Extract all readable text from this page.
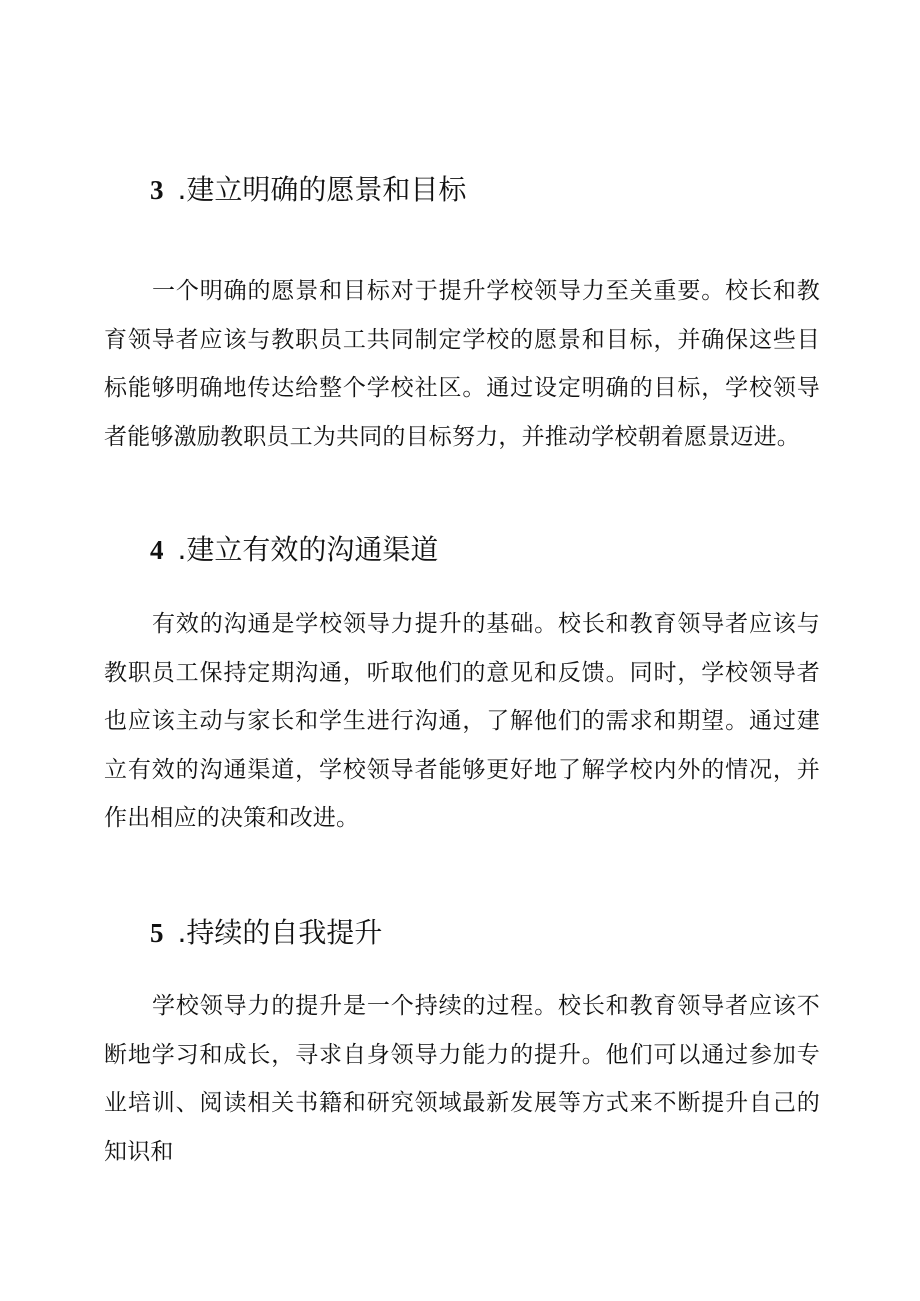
3 .建立明确的愿景和目标

一个明确的愿景和目标对于提升学校领导力至关重要。校长和教育领导者应该与教职员工共同制定学校的愿景和目标，并确保这些目标能够明确地传达给整个学校社区。通过设定明确的目标，学校领导者能够激励教职员工为共同的目标努力，并推动学校朝着愿景迈进。

4 .建立有效的沟通渠道

有效的沟通是学校领导力提升的基础。校长和教育领导者应该与教职员工保持定期沟通，听取他们的意见和反馈。同时，学校领导者也应该主动与家长和学生进行沟通，了解他们的需求和期望。通过建立有效的沟通渠道，学校领导者能够更好地了解学校内外的情况，并作出相应的决策和改进。

5 .持续的自我提升

学校领导力的提升是一个持续的过程。校长和教育领导者应该不断地学习和成长，寻求自身领导力能力的提升。他们可以通过参加专业培训、阅读相关书籍和研究领域最新发展等方式来不断提升自己的知识和
